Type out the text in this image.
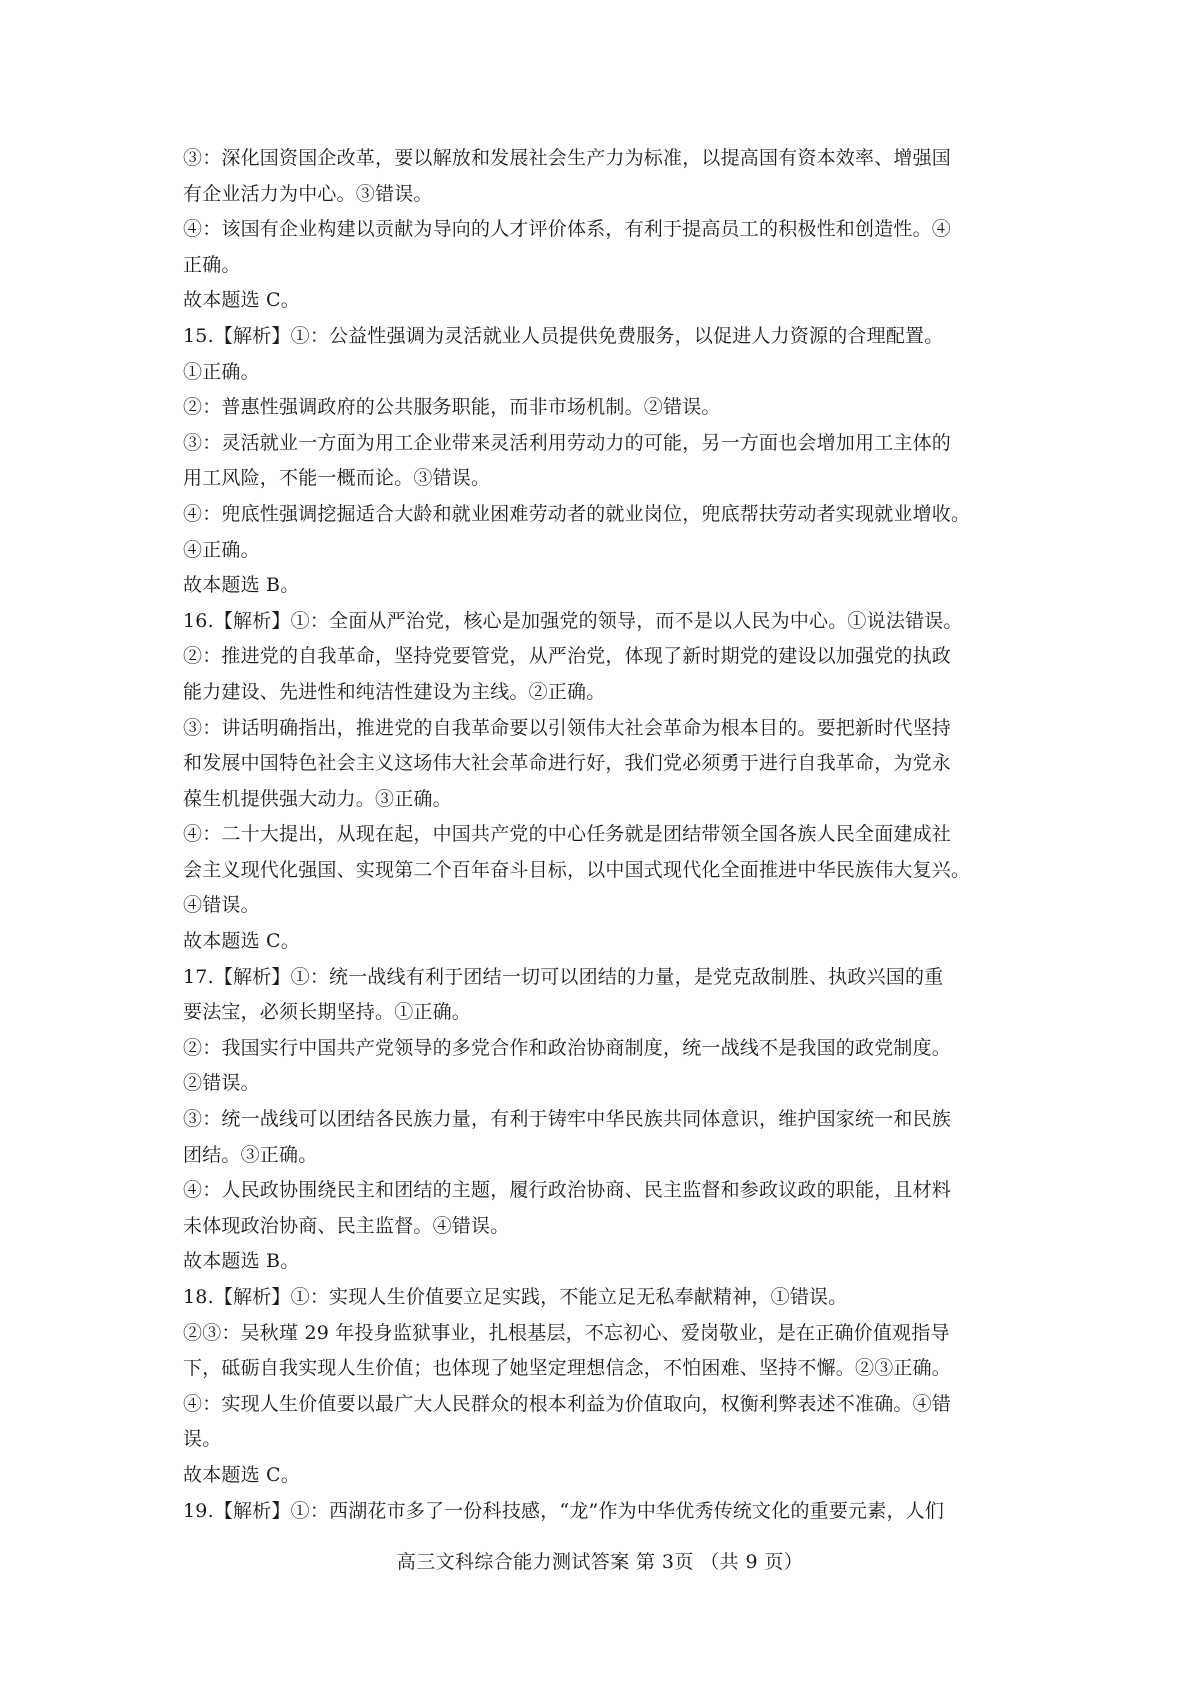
③：深化国资国企改革，要以解放和发展社会生产力为标准，以提高国有资本效率、增强国
有企业活力为中心。③错误。
④：该国有企业构建以贡献为导向的人才评价体系，有利于提高员工的积极性和创造性。④
正确。
故本题选 C。
15.【解析】①：公益性强调为灵活就业人员提供免费服务，以促进人力资源的合理配置。
①正确。
②：普惠性强调政府的公共服务职能，而非市场机制。②错误。
③：灵活就业一方面为用工企业带来灵活利用劳动力的可能，另一方面也会增加用工主体的
用工风险，不能一概而论。③错误。
④：兜底性强调挖掘适合大龄和就业困难劳动者的就业岗位，兜底帮扶劳动者实现就业增收。
④正确。
故本题选 B。
16.【解析】①：全面从严治党，核心是加强党的领导，而不是以人民为中心。①说法错误。
②：推进党的自我革命，坚持党要管党，从严治党，体现了新时期党的建设以加强党的执政
能力建设、先进性和纯洁性建设为主线。②正确。
③：讲话明确指出，推进党的自我革命要以引领伟大社会革命为根本目的。要把新时代坚持
和发展中国特色社会主义这场伟大社会革命进行好，我们党必须勇于进行自我革命，为党永
葆生机提供强大动力。③正确。
④：二十大提出，从现在起，中国共产党的中心任务就是团结带领全国各族人民全面建成社
会主义现代化强国、实现第二个百年奋斗目标，以中国式现代化全面推进中华民族伟大复兴。
④错误。
故本题选 C。
17.【解析】①：统一战线有利于团结一切可以团结的力量，是党克敌制胜、执政兴国的重
要法宝，必须长期坚持。①正确。
②：我国实行中国共产党领导的多党合作和政治协商制度，统一战线不是我国的政党制度。
②错误。
③：统一战线可以团结各民族力量，有利于铸牢中华民族共同体意识，维护国家统一和民族
团结。③正确。
④：人民政协围绕民主和团结的主题，履行政治协商、民主监督和参政议政的职能，且材料
未体现政治协商、民主监督。④错误。
故本题选 B。
18.【解析】①：实现人生价值要立足实践，不能立足无私奉献精神，①错误。
②③：吴秋瑾 29 年投身监狱事业，扎根基层，不忘初心、爱岗敬业，是在正确价值观指导
下，砥砺自我实现人生价值；也体现了她坚定理想信念，不怕困难、坚持不懈。②③正确。
④：实现人生价值要以最广大人民群众的根本利益为价值取向，权衡利弊表述不准确。④错
误。
故本题选 C。
19.【解析】①：西湖花市多了一份科技感，“龙”作为中华优秀传统文化的重要元素，人们
高三文科综合能力测试答案 第 3页 （共 9 页）
